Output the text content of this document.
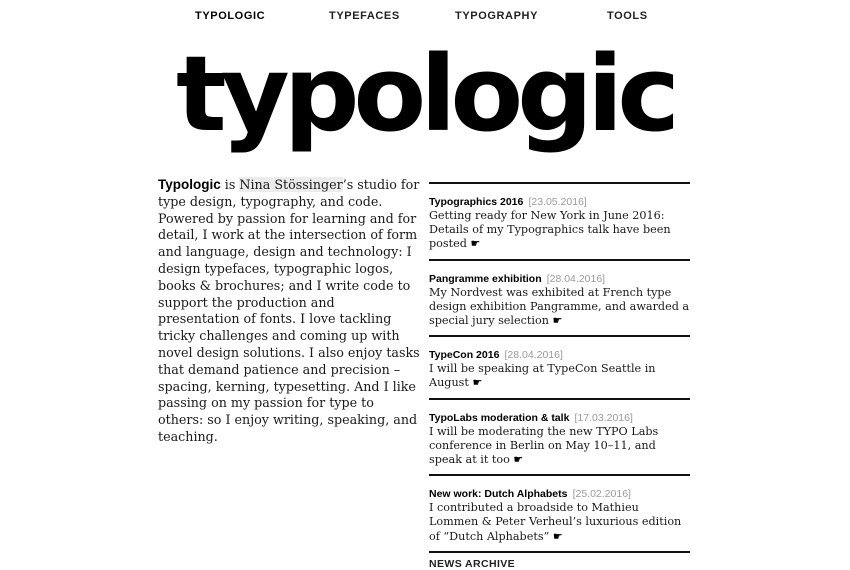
TYPOLOGIC	TYPEFACES	TYPOGRAPHY	TOOLS
typologic
Typologic is Nina Stössinger’s studio for type design, typography, and code. Powered by passion for learning and for detail, I work at the intersection of form and language, design and technology: I design typefaces, typographic logos, books & brochures; and I write code to support the production and presentation of fonts. I love tackling tricky challenges and coming up with novel design solutions. I also enjoy tasks that demand patience and precision – spacing, kerning, typesetting. And I like passing on my passion for type to others: so I enjoy writing, speaking, and teaching.
Typographics 2016 [23.05.2016]
Getting ready for New York in June 2016: Details of my Typographics talk have been posted ☛
Pangramme exhibition [28.04.2016]
My Nordvest was exhibited at French type design exhibition Pangramme, and awarded a special jury selection ☛
TypeCon 2016 [28.04.2016]
I will be speaking at TypeCon Seattle in August ☛
TypoLabs moderation & talk [17.03.2016]
I will be moderating the new TYPO Labs conference in Berlin on May 10–11, and speak at it too ☛
New work: Dutch Alphabets [25.02.2016]
I contributed a broadside to Mathieu Lommen & Peter Verheul’s luxurious edition of “Dutch Alphabets” ☛
NEWS ARCHIVE
